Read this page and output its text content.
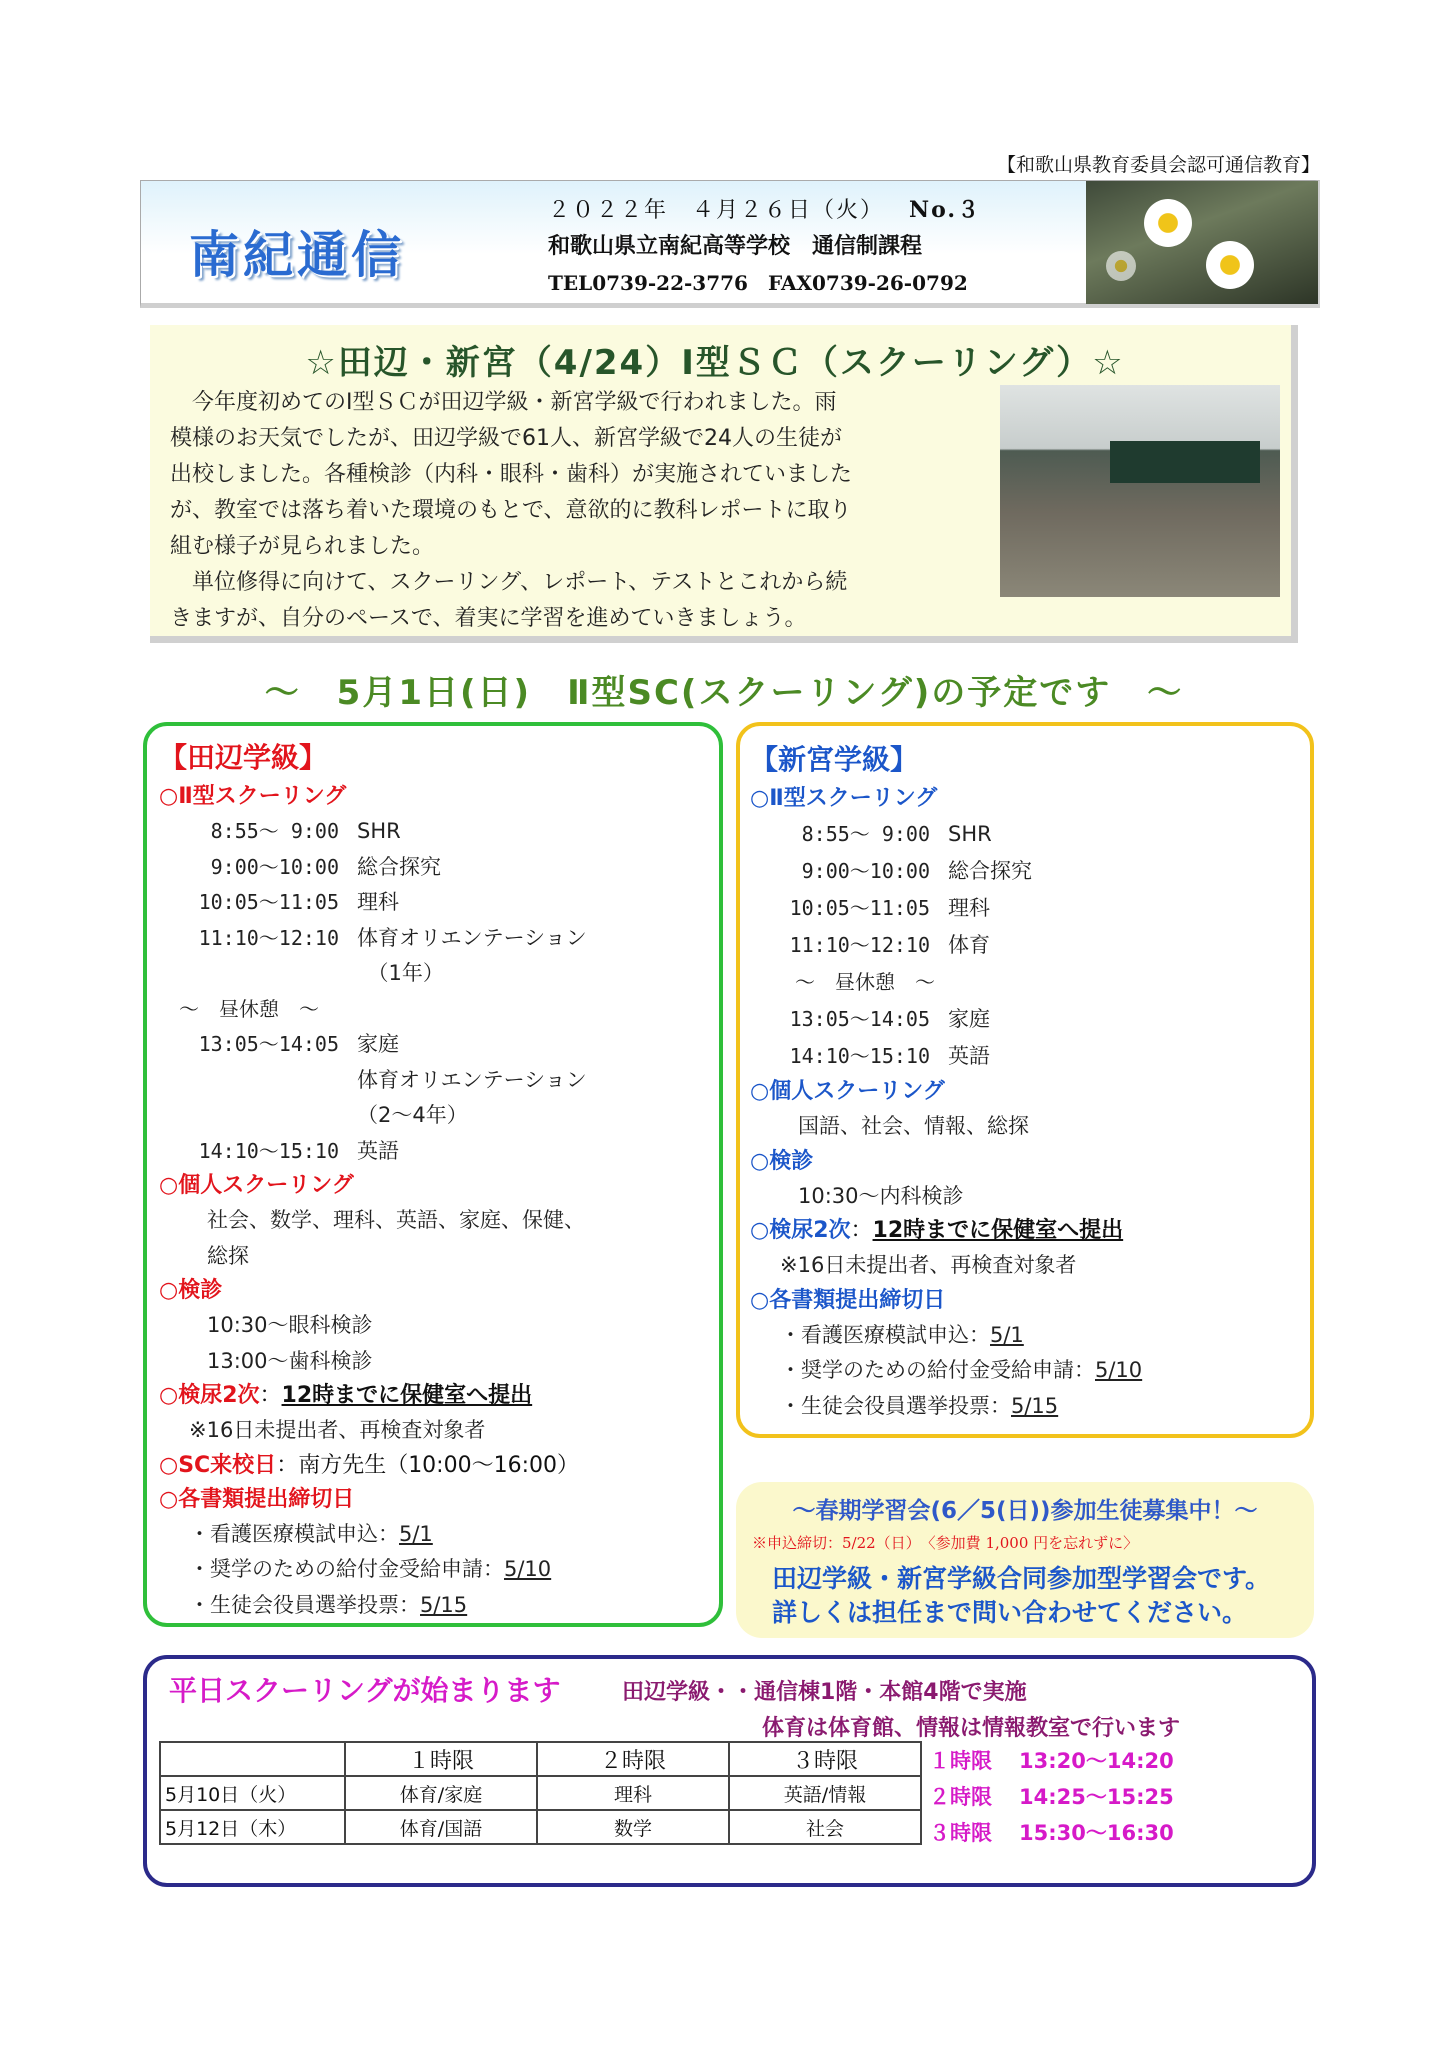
【和歌山県教育委員会認可通信教育】
南紀通信
２０２２年　４月２６日（火） No.３
和歌山県立南紀高等学校　通信制課程
TEL0739-22-3776　FAX0739-26-0792
☆田辺・新宮（4/24）Ⅰ型ＳＣ（スクーリング）☆
　今年度初めてのⅠ型ＳＣが田辺学級・新宮学級で行われました。雨
模様のお天気でしたが、田辺学級で61人、新宮学級で24人の生徒が
出校しました。各種検診（内科・眼科・歯科）が実施されていました
が、教室では落ち着いた環境のもとで、意欲的に教科レポートに取り
組む様子が見られました。
　単位修得に向けて、スクーリング、レポート、テストとこれから続
きますが、自分のペースで、着実に学習を進めていきましょう。
～　5月1日(日)　Ⅱ型SC(スクーリング)の予定です　～
【田辺学級】
○Ⅱ型スクーリング
8:55～ 9:00 SHR
9:00～10:00 総合探究
10:05～11:05 理科
11:10～12:10 体育オリエンテーション
　（1年）
～　昼休憩　～
13:05～14:05 家庭
体育オリエンテーション
（2～4年）
14:10～15:10 英語
○個人スクーリング
社会、数学、理科、英語、家庭、保健、
総探
○検診
10:30～眼科検診
13:00～歯科検診
○検尿2次：12時までに保健室へ提出
※16日未提出者、再検査対象者
○SC来校日：南方先生（10:00～16:00）
○各書類提出締切日
・看護医療模試申込：5/1
・奨学のための給付金受給申請：5/10
・生徒会役員選挙投票：5/15
【新宮学級】
○Ⅱ型スクーリング
8:55～ 9:00 SHR
9:00～10:00 総合探究
10:05～11:05 理科
11:10～12:10 体育
～　昼休憩　～
13:05～14:05 家庭
14:10～15:10 英語
○個人スクーリング
国語、社会、情報、総探
○検診
10:30～内科検診
○検尿2次：12時までに保健室へ提出
※16日未提出者、再検査対象者
○各書類提出締切日
・看護医療模試申込：5/1
・奨学のための給付金受給申請：5/10
・生徒会役員選挙投票：5/15
～春期学習会(6／5(日))参加生徒募集中！～
※申込締切：5/22（日）　〈参加費 1,000 円を忘れずに〉
田辺学級・新宮学級合同参加型学習会です。
詳しくは担任まで問い合わせてください。
平日スクーリングが始まります	田辺学級・・通信棟1階・本館4階で実施
体育は体育館、情報は情報教室で行います
	１時限	２時限	３時限
5月10日（火）	体育/家庭	理科	英語/情報
5月12日（木）	体育/国語	数学	社会
１時限 13:20～14:20
２時限 14:25～15:25
３時限 15:30～16:30
